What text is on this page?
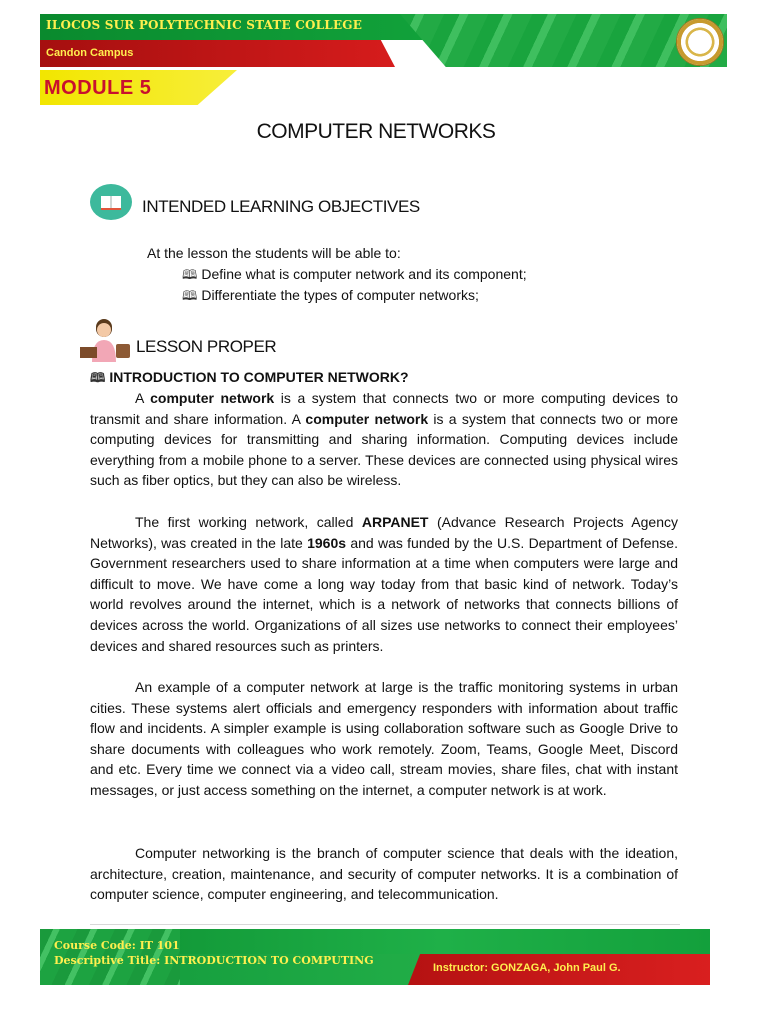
ILOCOS SUR POLYTECHNIC STATE COLLEGE
Candon Campus
MODULE 5
COMPUTER NETWORKS
INTENDED LEARNING OBJECTIVES
At the lesson the students will be able to:
🕮 Define what is computer network and its component;
🕮 Differentiate the types of computer networks;
LESSON PROPER
🕮 INTRODUCTION TO COMPUTER NETWORK?
A computer network is a system that connects two or more computing devices to transmit and share information. A computer network is a system that connects two or more computing devices for transmitting and sharing information. Computing devices include everything from a mobile phone to a server. These devices are connected using physical wires such as fiber optics, but they can also be wireless.
The first working network, called ARPANET (Advance Research Projects Agency Networks), was created in the late 1960s and was funded by the U.S. Department of Defense. Government researchers used to share information at a time when computers were large and difficult to move. We have come a long way today from that basic kind of network. Today’s world revolves around the internet, which is a network of networks that connects billions of devices across the world. Organizations of all sizes use networks to connect their employees’ devices and shared resources such as printers.
An example of a computer network at large is the traffic monitoring systems in urban cities. These systems alert officials and emergency responders with information about traffic flow and incidents. A simpler example is using collaboration software such as Google Drive to share documents with colleagues who work remotely. Zoom, Teams, Google Meet, Discord and etc. Every time we connect via a video call, stream movies, share files, chat with instant messages, or just access something on the internet, a computer network is at work.
Computer networking is the branch of computer science that deals with the ideation, architecture, creation, maintenance, and security of computer networks. It is a combination of computer science, computer engineering, and telecommunication.
Course Code: IT 101
Descriptive Title: INTRODUCTION TO COMPUTING
Instructor: GONZAGA, John Paul G.
